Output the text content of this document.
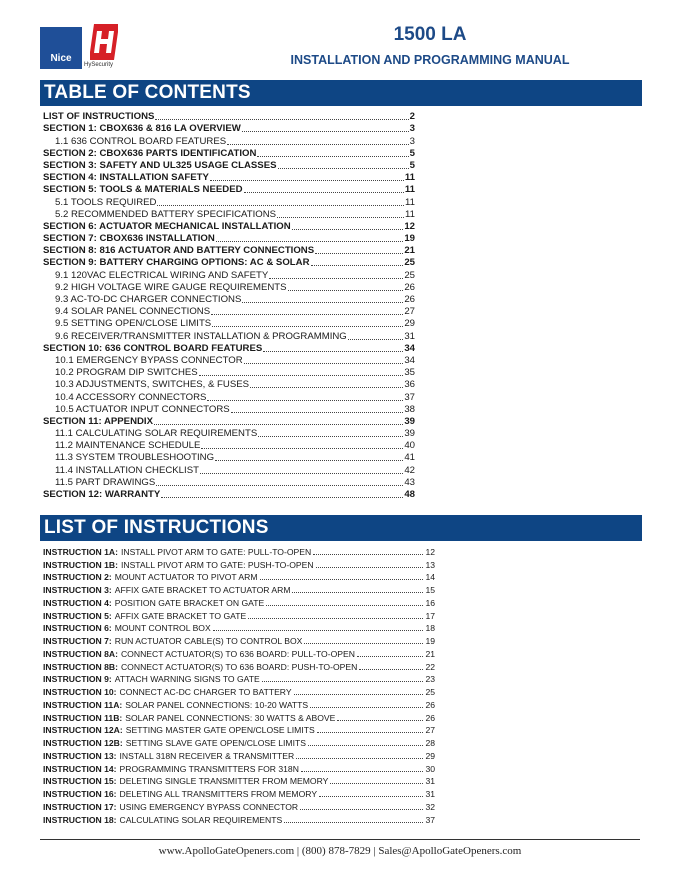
Nice
HySecurity
1500 LA
INSTALLATION AND PROGRAMMING MANUAL
TABLE OF CONTENTS
LIST OF INSTRUCTIONS	2
SECTION 1: CBOX636 & 816 LA OVERVIEW	3
1.1 636 CONTROL BOARD FEATURES	3
SECTION 2: CBOX636 PARTS IDENTIFICATION	5
SECTION 3: SAFETY AND UL325 USAGE CLASSES	5
SECTION 4: INSTALLATION SAFETY	11
SECTION 5: TOOLS & MATERIALS NEEDED	11
5.1 TOOLS REQUIRED	11
5.2 RECOMMENDED BATTERY SPECIFICATIONS	11
SECTION 6: ACTUATOR MECHANICAL INSTALLATION	12
SECTION 7: CBOX636 INSTALLATION	19
SECTION 8: 816 ACTUATOR AND BATTERY CONNECTIONS	21
SECTION 9: BATTERY CHARGING OPTIONS: AC & SOLAR	25
9.1 120VAC ELECTRICAL WIRING AND SAFETY	25
9.2 HIGH VOLTAGE WIRE GAUGE REQUIREMENTS	26
9.3 AC-TO-DC CHARGER CONNECTIONS	26
9.4 SOLAR PANEL CONNECTIONS	27
9.5 SETTING OPEN/CLOSE LIMITS	29
9.6 RECEIVER/TRANSMITTER INSTALLATION & PROGRAMMING	31
SECTION 10: 636 CONTROL BOARD FEATURES	34
10.1 EMERGENCY BYPASS CONNECTOR	34
10.2 PROGRAM DIP SWITCHES	35
10.3 ADJUSTMENTS, SWITCHES, & FUSES	36
10.4 ACCESSORY CONNECTORS	37
10.5 ACTUATOR INPUT CONNECTORS	38
SECTION 11: APPENDIX	39
11.1 CALCULATING SOLAR REQUIREMENTS	39
11.2 MAINTENANCE SCHEDULE	40
11.3 SYSTEM TROUBLESHOOTING	41
11.4 INSTALLATION CHECKLIST	42
11.5 PART DRAWINGS	43
SECTION 12: WARRANTY	48
LIST OF INSTRUCTIONS
INSTRUCTION 1A: INSTALL PIVOT ARM TO GATE: PULL-TO-OPEN	12
INSTRUCTION 1B: INSTALL PIVOT ARM TO GATE: PUSH-TO-OPEN	13
INSTRUCTION 2: MOUNT ACTUATOR TO PIVOT ARM	14
INSTRUCTION 3: AFFIX GATE BRACKET TO ACTUATOR ARM	15
INSTRUCTION 4: POSITION GATE BRACKET ON GATE	16
INSTRUCTION 5: AFFIX GATE BRACKET TO GATE	17
INSTRUCTION 6: MOUNT CONTROL BOX	18
INSTRUCTION 7: RUN ACTUATOR CABLE(S) TO CONTROL BOX	19
INSTRUCTION 8A: CONNECT ACTUATOR(S) TO 636 BOARD: PULL-TO-OPEN	21
INSTRUCTION 8B: CONNECT ACTUATOR(S) TO 636 BOARD: PUSH-TO-OPEN	22
INSTRUCTION 9: ATTACH WARNING SIGNS TO GATE	23
INSTRUCTION 10: CONNECT AC-DC CHARGER TO BATTERY	25
INSTRUCTION 11A: SOLAR PANEL CONNECTIONS: 10-20 WATTS	26
INSTRUCTION 11B: SOLAR PANEL CONNECTIONS: 30 WATTS & ABOVE	26
INSTRUCTION 12A: SETTING MASTER GATE OPEN/CLOSE LIMITS	27
INSTRUCTION 12B: SETTING SLAVE GATE OPEN/CLOSE LIMITS	28
INSTRUCTION 13: INSTALL 318N RECEIVER & TRANSMITTER	29
INSTRUCTION 14: PROGRAMMING TRANSMITTERS FOR 318N	30
INSTRUCTION 15: DELETING SINGLE TRANSMITTER FROM MEMORY	31
INSTRUCTION 16: DELETING ALL TRANSMITTERS FROM MEMORY	31
INSTRUCTION 17: USING EMERGENCY BYPASS CONNECTOR	32
INSTRUCTION 18: CALCULATING SOLAR REQUIREMENTS	37
www.ApolloGateOpeners.com | (800) 878-7829 | Sales@ApolloGateOpeners.com
